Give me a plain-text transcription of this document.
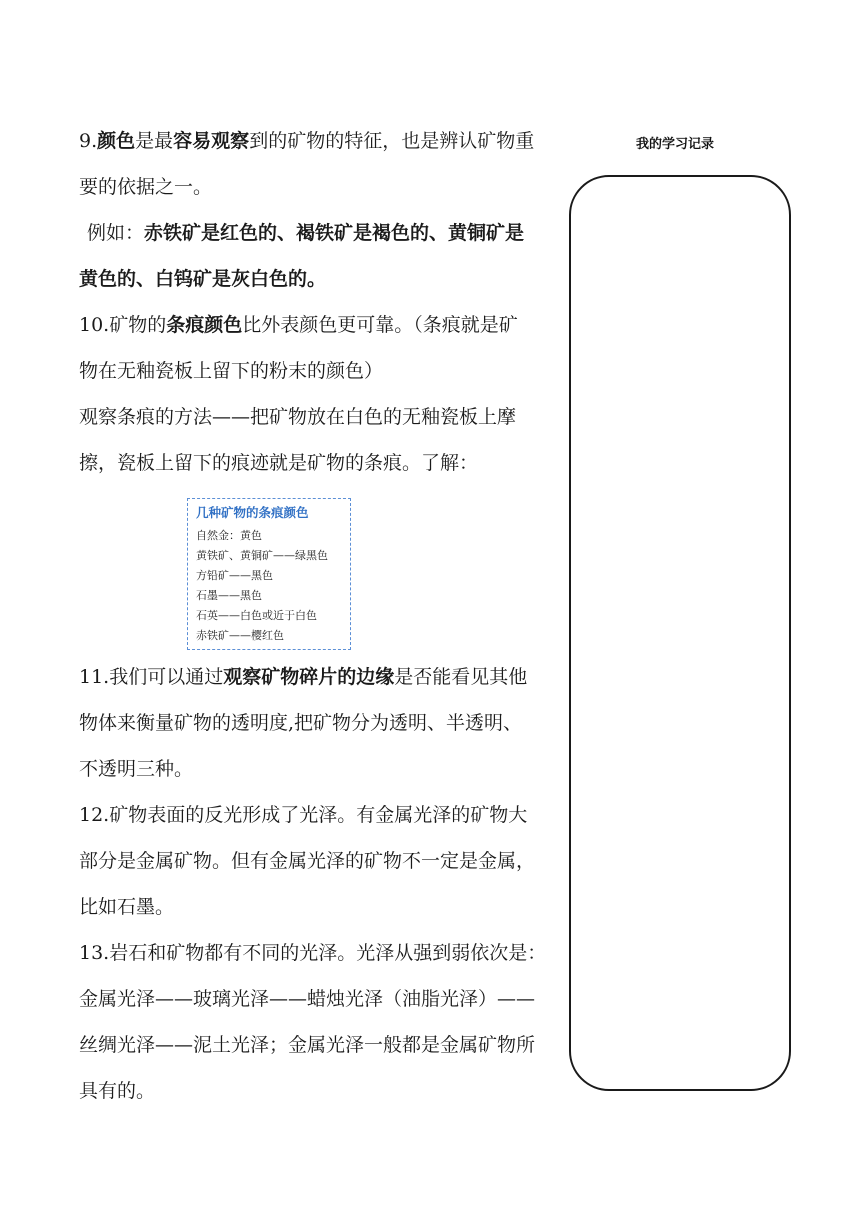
9.颜色是最容易观察到的矿物的特征，也是辨认矿物重
要的依据之一。
例如：赤铁矿是红色的、褐铁矿是褐色的、黄铜矿是
黄色的、白钨矿是灰白色的。
10.矿物的条痕颜色比外表颜色更可靠。（条痕就是矿
物在无釉瓷板上留下的粉末的颜色）
观察条痕的方法——把矿物放在白色的无釉瓷板上摩
擦，瓷板上留下的痕迹就是矿物的条痕。了解：
几种矿物的条痕颜色
自然金：黄色
黄铁矿、黄铜矿——绿黑色
方铅矿——黑色
石墨——黑色
石英——白色或近于白色
赤铁矿——樱红色
11.我们可以通过观察矿物碎片的边缘是否能看见其他
物体来衡量矿物的透明度,把矿物分为透明、半透明、
不透明三种。
12.矿物表面的反光形成了光泽。有金属光泽的矿物大
部分是金属矿物。但有金属光泽的矿物不一定是金属，
比如石墨。
13.岩石和矿物都有不同的光泽。光泽从强到弱依次是：
金属光泽——玻璃光泽——蜡烛光泽（油脂光泽）——
丝绸光泽——泥土光泽；金属光泽一般都是金属矿物所
具有的。
我的学习记录
